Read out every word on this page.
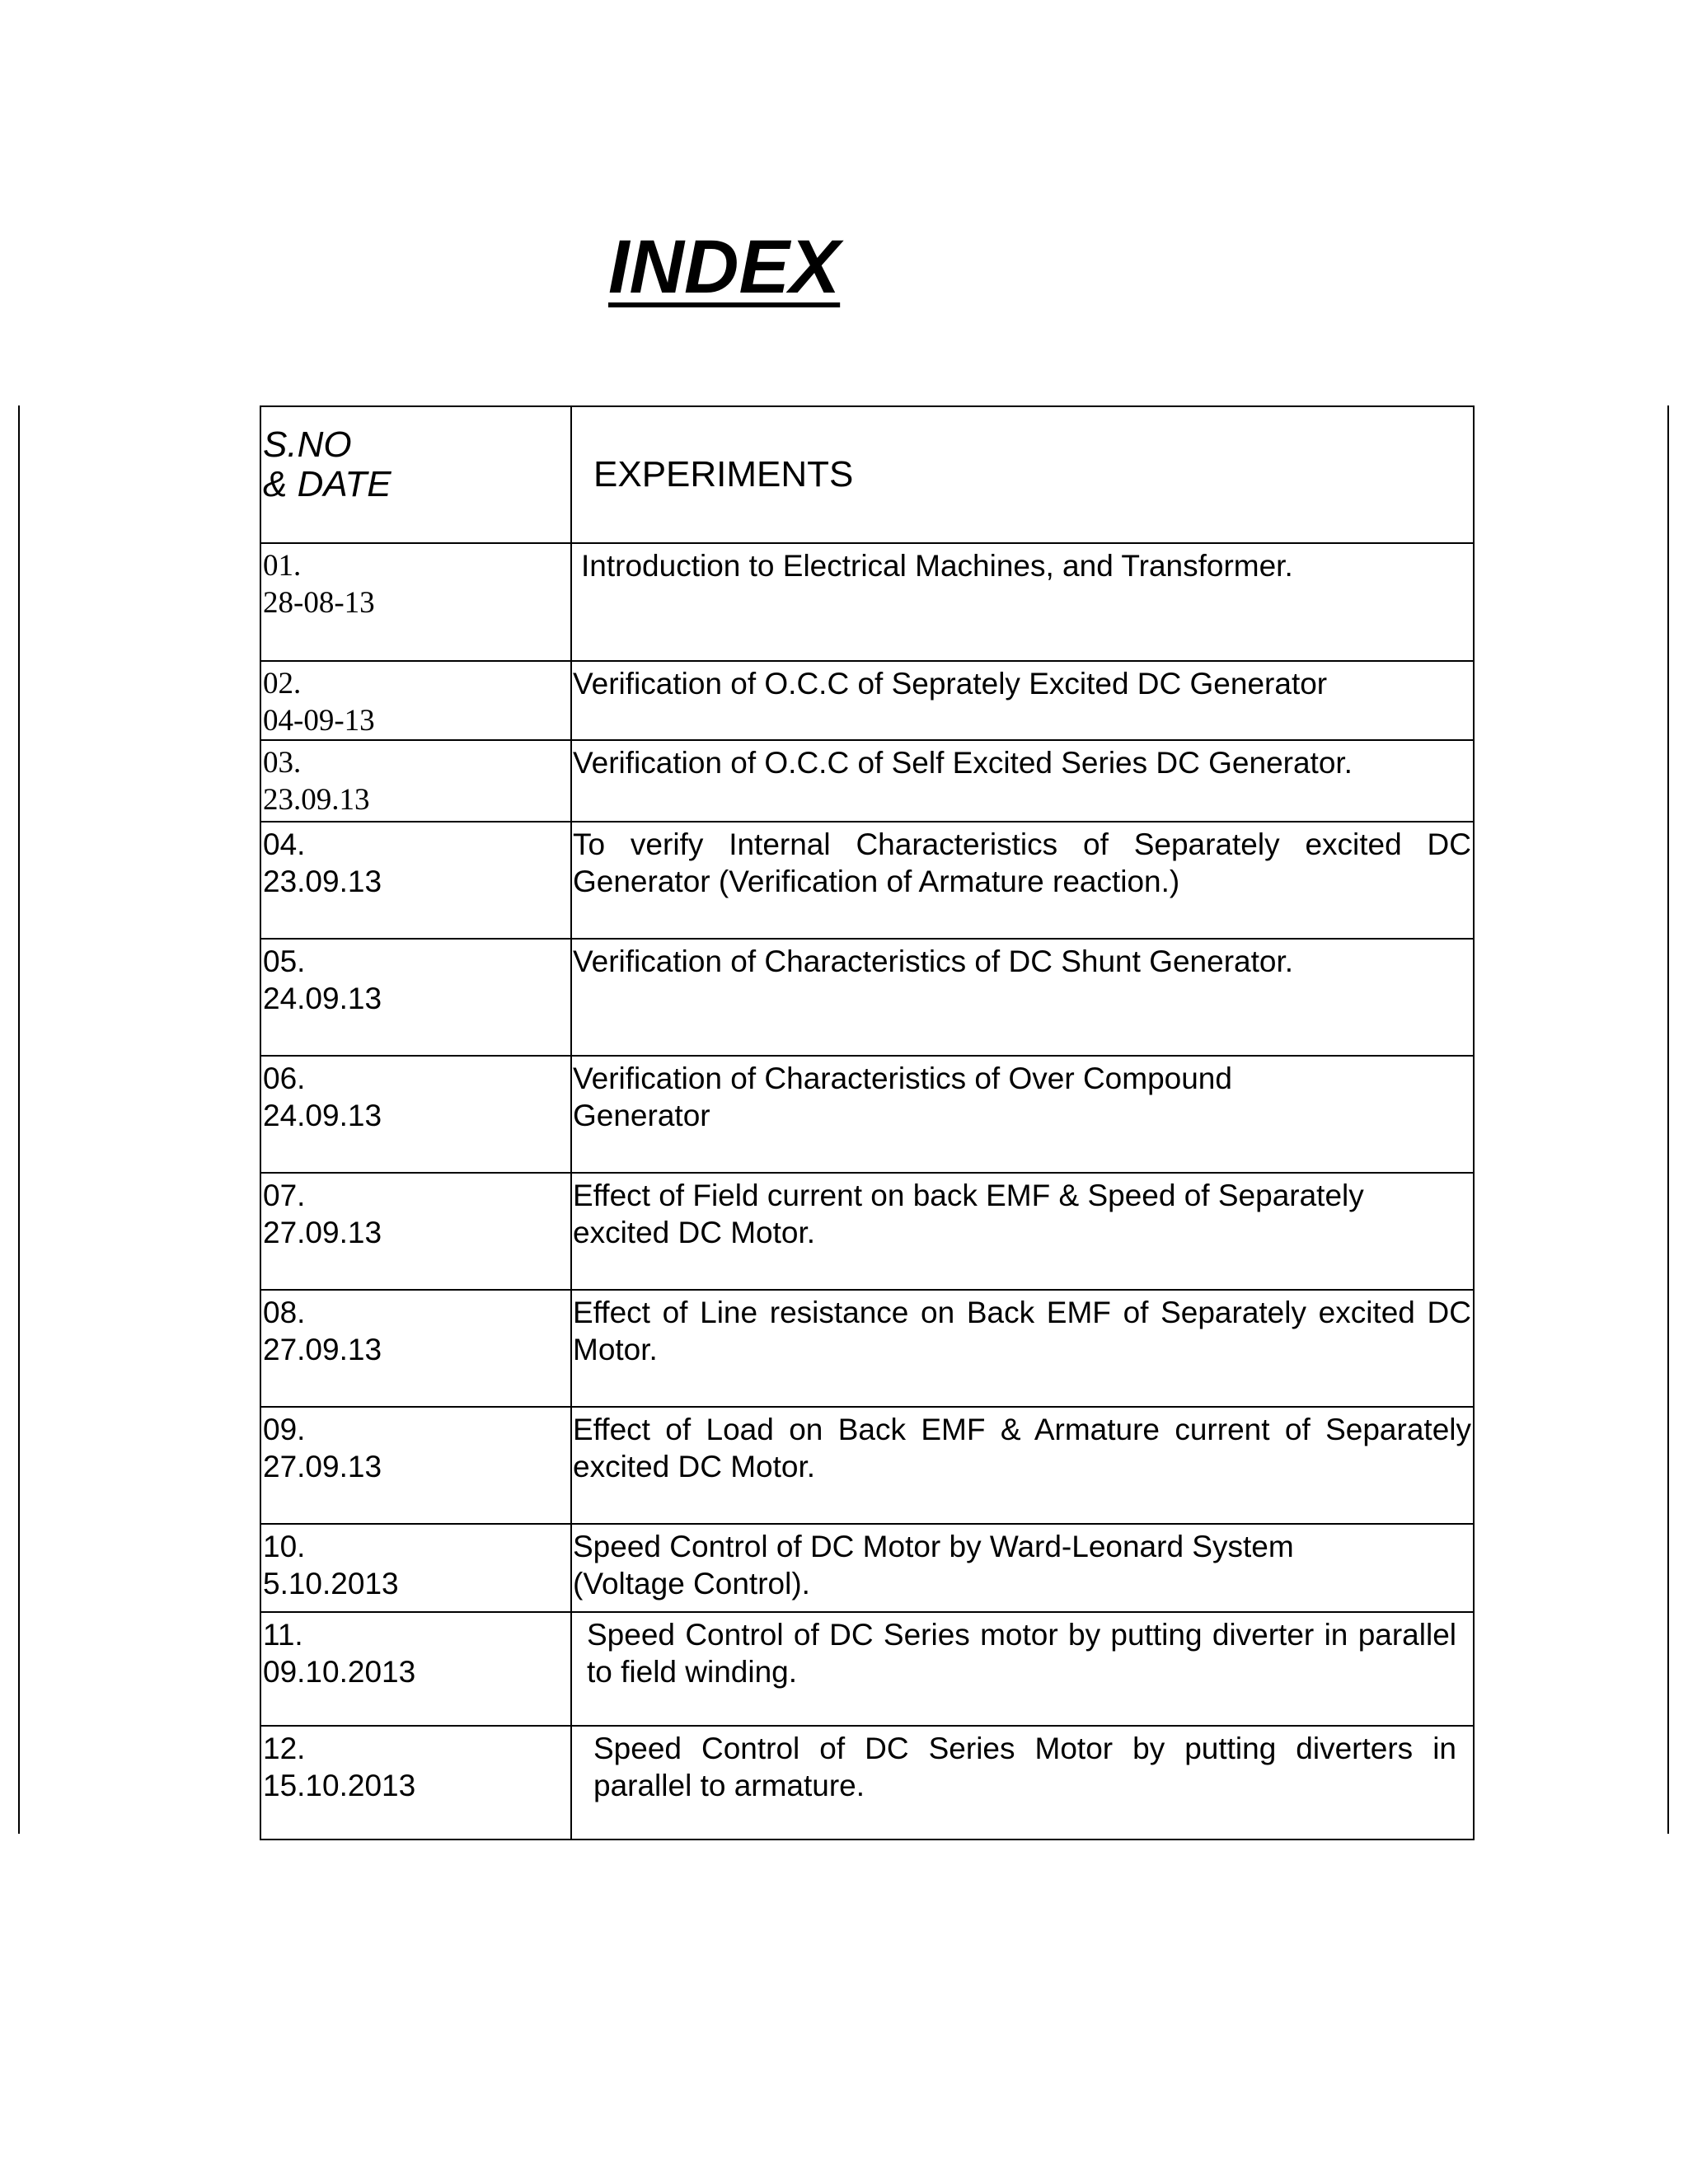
INDEX
S.NO
& DATE	EXPERIMENTS

01.
28-08-13	Introduction to Electrical Machines, and Transformer.

02.
04-09-13	Verification of O.C.C of Seprately Excited DC Generator

03.
23.09.13	Verification of O.C.C of Self Excited Series DC Generator.

04.
23.09.13	To verify Internal Characteristics of Separately excited DC Generator (Verification of Armature reaction.)

05.
24.09.13	Verification of Characteristics of DC Shunt Generator.

06.
24.09.13	Verification of Characteristics of Over Compound
Generator

07.
27.09.13	Effect of Field current on back EMF & Speed of Separately
excited DC Motor.

08.
27.09.13	Effect of Line resistance on Back EMF of Separately excited DC Motor.

09.
27.09.13	Effect of Load on Back EMF & Armature current of Separately excited DC Motor.

10.
5.10.2013	Speed Control of DC Motor by Ward-Leonard System
(Voltage Control).

11.
09.10.2013	Speed Control of DC Series motor by putting diverter in parallel to field winding.

12.
15.10.2013	Speed Control of DC Series Motor by putting diverters in parallel to armature.
